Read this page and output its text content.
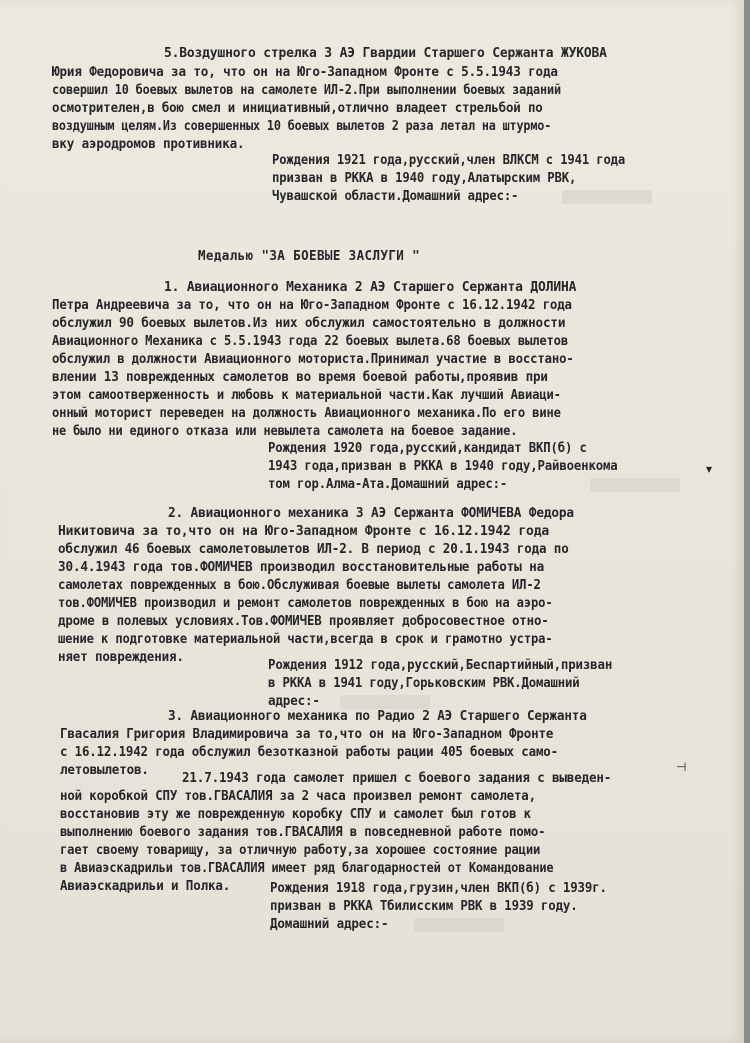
5.Воздушного стрелка 3 АЭ Гвардии Старшего Сержанта ЖУКОВА
Юрия Федоровича за то, что он на Юго-Западном Фронте с 5.5.1943 года
совершил 10 боевых вылетов на самолете ИЛ-2.При выполнении боевых заданий
осмотрителен,в бою смел и инициативный,отлично владеет стрельбой по
воздушным целям.Из совершенных 10 боевых вылетов 2 раза летал на штурмо-
вку аэродромов противника.
Рождения 1921 года,русский,член ВЛКСМ с 1941 года
призван в РККА в 1940 году,Алатырским РВК,
Чувашской области.Домашний адрес:-
Медалью "ЗА БОЕВЫЕ ЗАСЛУГИ "
1. Авиационного Механика 2 АЭ Старшего Сержанта ДОЛИНА
Петра Андреевича за то, что он на Юго-Западном Фронте с 16.12.1942 года
обслужил 90 боевых вылетов.Из них обслужил самостоятельно в должности
Авиационного Механика с 5.5.1943 года 22 боевых вылета.68 боевых вылетов
обслужил в должности Авиационного моториста.Принимал участие в восстано-
влении 13 поврежденных самолетов во время боевой работы,проявив при
этом самоотверженность и любовь к материальной части.Как лучший Авиаци-
онный моторист переведен на должность Авиационного механика.По его вине
не было ни единого отказа или невылета самолета на боевое задание.
Рождения 1920 года,русский,кандидат ВКП(б) с
1943 года,призван в РККА в 1940 году,Райвоенкома
том гор.Алма-Ата.Домашний адрес:-
▾
2. Авиационного механика 3 АЭ Сержанта ФОМИЧЕВА Федора
Никитовича за то,что он на Юго-Западном Фронте с 16.12.1942 года
обслужил 46 боевых самолетовылетов ИЛ-2. В период с 20.1.1943 года по
30.4.1943 года тов.ФОМИЧЕВ производил восстановительные работы на
самолетах поврежденных в бою.Обслуживая боевые вылеты самолета ИЛ-2
тов.ФОМИЧЕВ производил и ремонт самолетов поврежденных в бою на аэро-
дроме в полевых условиях.Тов.ФОМИЧЕВ проявляет добросовестное отно-
шение к подготовке материальной части,всегда в срок и грамотно устра-
няет повреждения.
Рождения 1912 года,русский,Беспартийный,призван
в РККА в 1941 году,Горьковским РВК.Домашний
адрес:-
3. Авиационного механика по Радио 2 АЭ Старшего Сержанта
Гвасалия Григория Владимировича за то,что он на Юго-Западном Фронте
с 16.12.1942 года обслужил безотказной работы рации 405 боевых само-
летовылетов.
21.7.1943 года самолет пришел с боевого задания с выведен-
ной коробкой СПУ тов.ГВАСАЛИЯ за 2 часа произвел ремонт самолета,
восстановив эту же поврежденную коробку СПУ и самолет был готов к
выполнению боевого задания тов.ГВАСАЛИЯ в повседневной работе помо-
гает своему товарищу, за отличную работу,за хорошее состояние рации
в Авиаэскадрильи тов.ГВАСАЛИЯ имеет ряд благодарностей от Командование
Авиаэскадрильи и Полка.	Рождения 1918 года,грузин,член ВКП(б) с 1939г.
призван в РККА Тбилисским РВК в 1939 году.
Домашний адрес:-
⊣
